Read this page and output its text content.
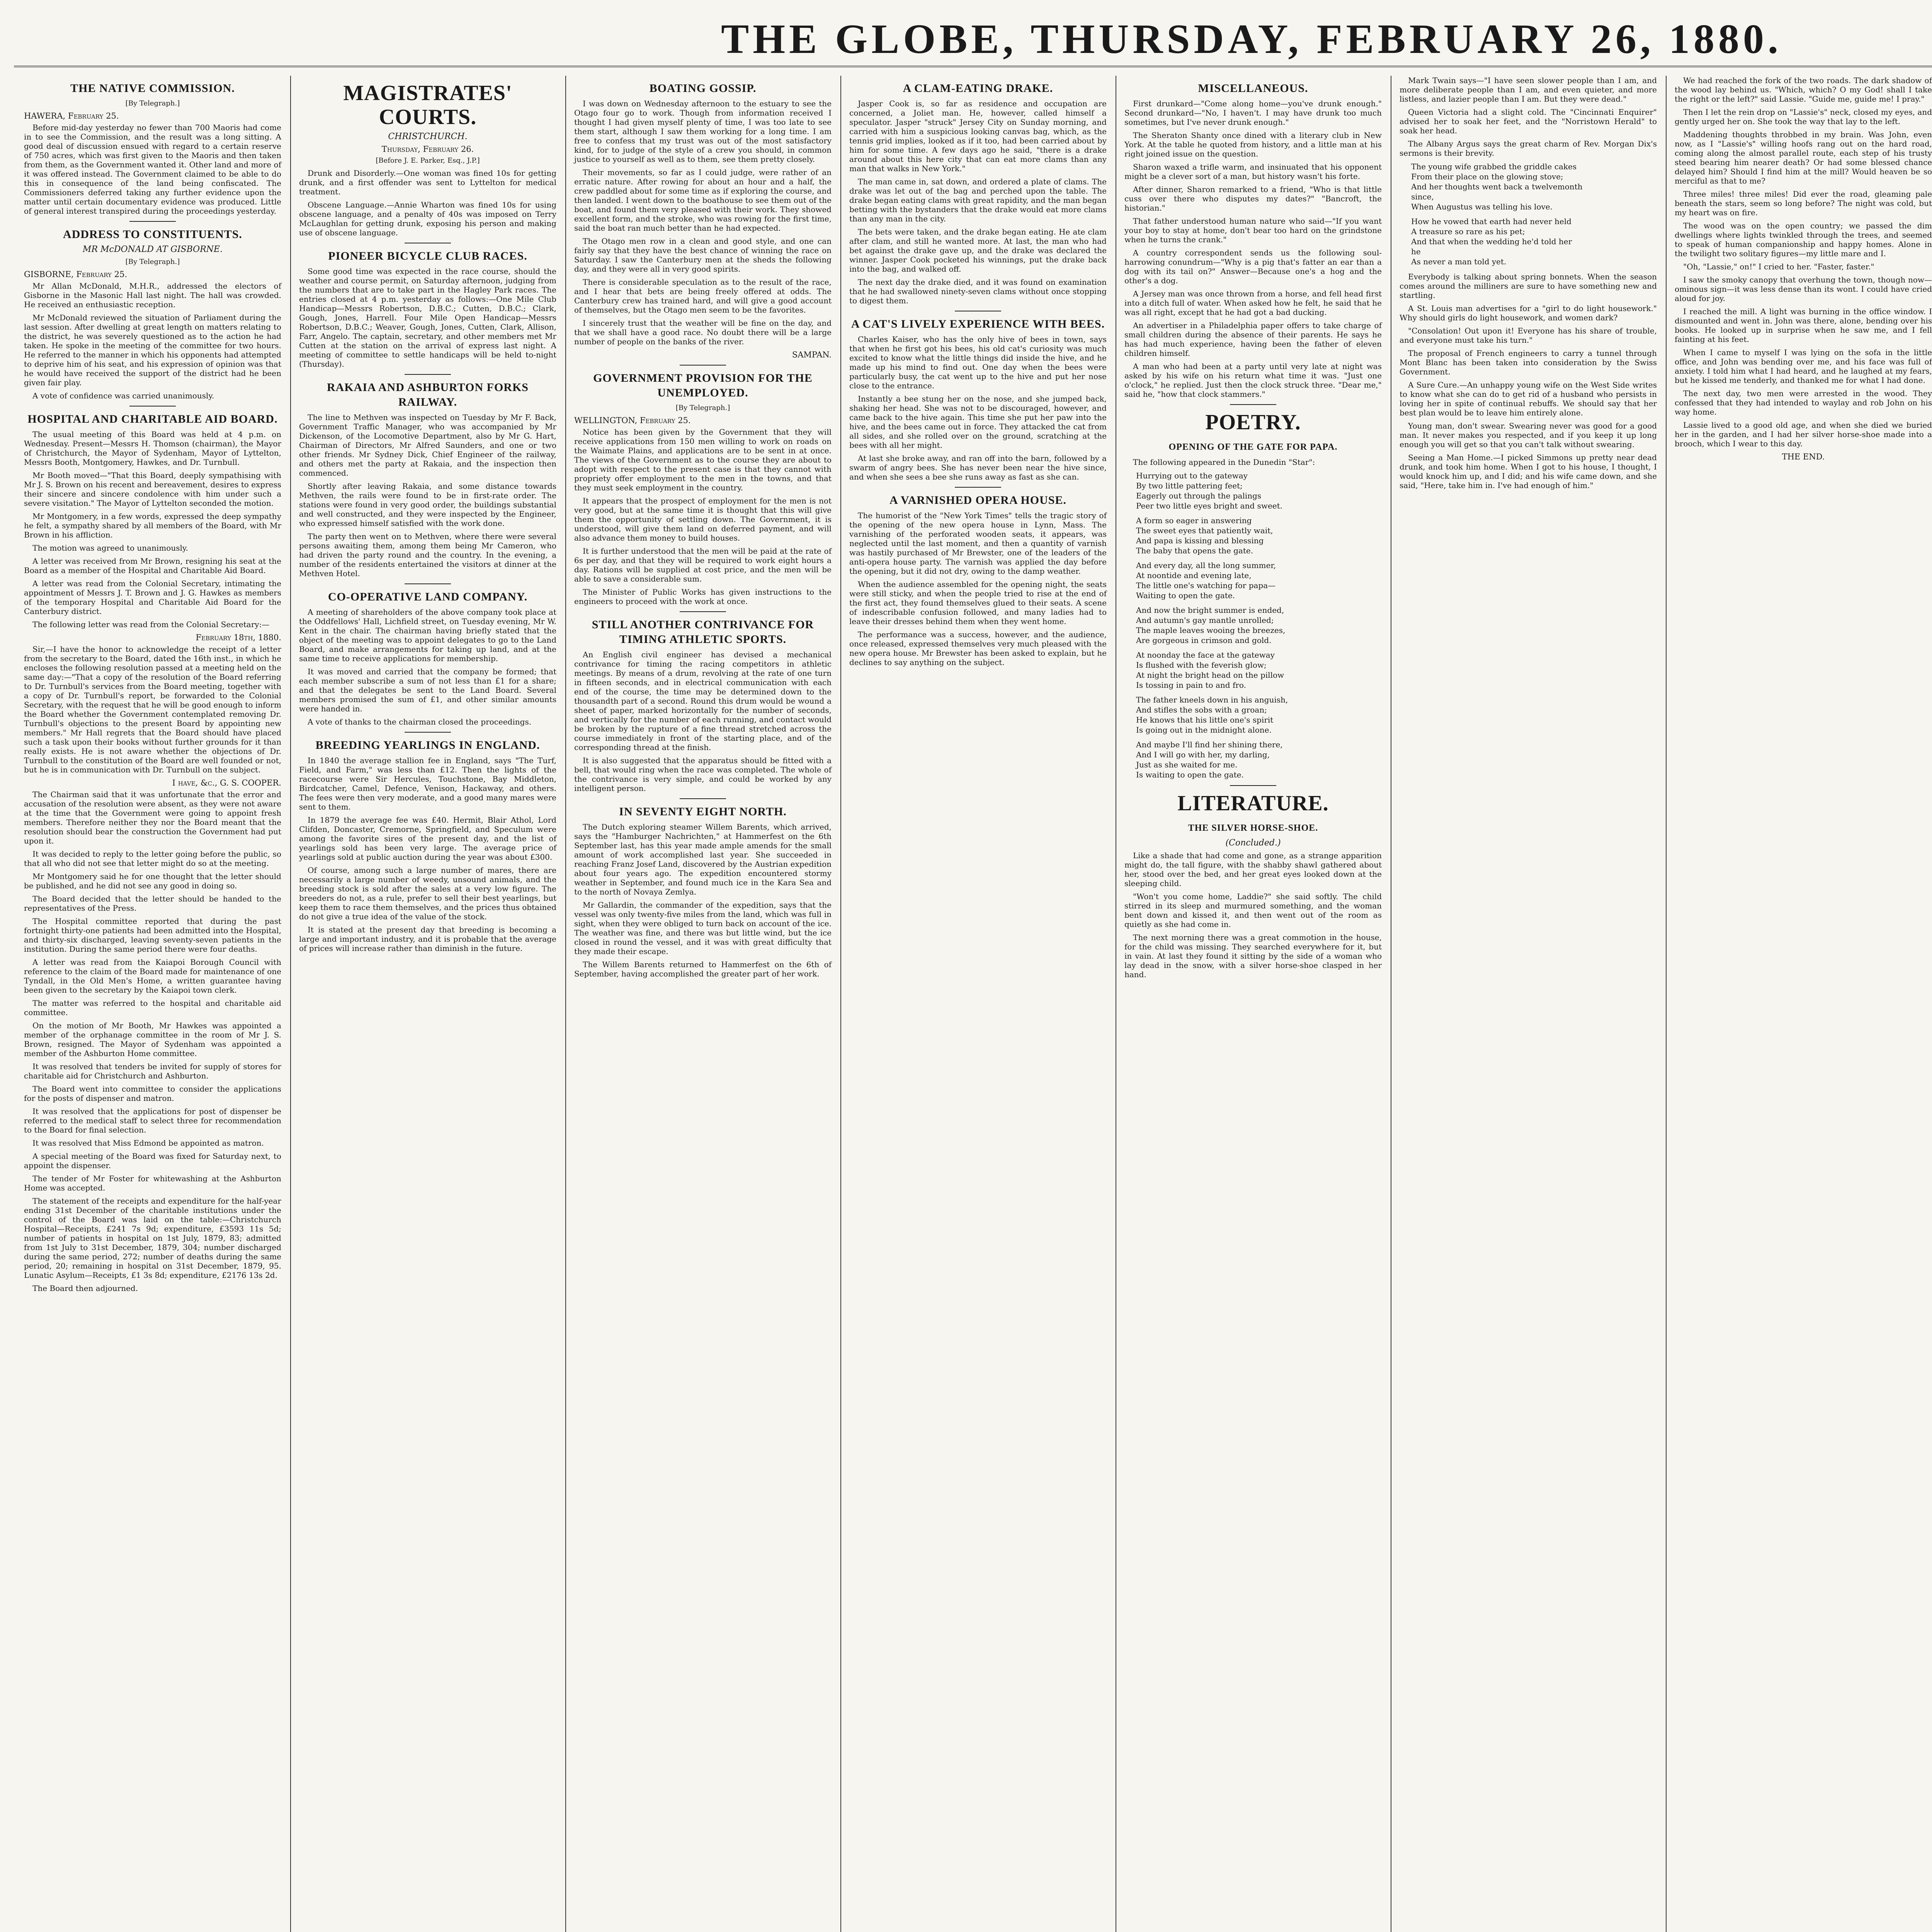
THE GLOBE, THURSDAY, FEBRUARY 26, 1880.
THE NATIVE COMMISSION.
[By Telegraph.]
HAWERA, February 25.

Before mid-day yesterday no fewer than 700 Maoris had come in to see the Commission, and the result was a long sitting. A good deal of discussion ensued with regard to a certain reserve of 750 acres, which was first given to the Maoris and then taken from them, as the Government wanted it. Other land and more of it was offered instead. The Government claimed to be able to do this in consequence of the land being confiscated. The Commissioners deferred taking any further evidence upon the matter until certain documentary evidence was produced. Little of general interest transpired during the proceedings yesterday.

ADDRESS TO CONSTITUENTS.
MR McDONALD AT GISBORNE.
[By Telegraph.]
GISBORNE, February 25.

Mr Allan McDonald, M.H.R., addressed the electors of Gisborne in the Masonic Hall last night. The hall was crowded. He received an enthusiastic reception.

Mr McDonald reviewed the situation of Parliament during the last session. After dwelling at great length on matters relating to the district, he was severely questioned as to the action he had taken. He spoke in the meeting of the committee for two hours. He referred to the manner in which his opponents had attempted to deprive him of his seat, and his expression of opinion was that he would have received the support of the district had he been given fair play.

A vote of confidence was carried unanimously.

HOSPITAL AND CHARITABLE AID BOARD.

The usual meeting of this Board was held at 4 p.m. on Wednesday. Present—Messrs H. Thomson (chairman), the Mayor of Christchurch, the Mayor of Sydenham, Mayor of Lyttelton, Messrs Booth, Montgomery, Hawkes, and Dr. Turnbull.

Mr Booth moved—"That this Board, deeply sympathising with Mr J. S. Brown on his recent and bereavement, desires to express their sincere and sincere condolence with him under such a severe visitation." The Mayor of Lyttelton seconded the motion.

Mr Montgomery, in a few words, expressed the deep sympathy he felt, a sympathy shared by all members of the Board, with Mr Brown in his affliction.

The motion was agreed to unanimously.

A letter was received from Mr Brown, resigning his seat at the Board as a member of the Hospital and Charitable Aid Board.

A letter was read from the Colonial Secretary, intimating the appointment of Messrs J. T. Brown and J. G. Hawkes as members of the temporary Hospital and Charitable Aid Board for the Canterbury district.

The following letter was read from the Colonial Secretary:—

February 18th, 1880.

Sir,—I have the honor to acknowledge the receipt of a letter from the secretary to the Board, dated the 16th inst., in which he encloses the following resolution passed at a meeting held on the same day:—"That a copy of the resolution of the Board referring to Dr. Turnbull's services from the Board meeting, together with a copy of Dr. Turnbull's report, be forwarded to the Colonial Secretary, with the request that he will be good enough to inform the Board whether the Government contemplated removing Dr. Turnbull's objections to the present Board by appointing new members." Mr Hall regrets that the Board should have placed such a task upon their books without further grounds for it than really exists. He is not aware whether the objections of Dr. Turnbull to the constitution of the Board are well founded or not, but he is in communication with Dr. Turnbull on the subject.

I have, &c., G. S. COOPER.

The Chairman said that it was unfortunate that the error and accusation of the resolution were absent, as they were not aware at the time that the Government were going to appoint fresh members. Therefore neither they nor the Board meant that the resolution should bear the construction the Government had put upon it.

It was decided to reply to the letter going before the public, so that all who did not see that letter might do so at the meeting.

Mr Montgomery said he for one thought that the letter should be published, and he did not see any good in doing so.

The Board decided that the letter should be handed to the representatives of the Press.

The Hospital committee reported that during the past fortnight thirty-one patients had been admitted into the Hospital, and thirty-six discharged, leaving seventy-seven patients in the institution. During the same period there were four deaths.

A letter was read from the Kaiapoi Borough Council with reference to the claim of the Board made for maintenance of one Tyndall, in the Old Men's Home, a written guarantee having been given to the secretary by the Kaiapoi town clerk.

The matter was referred to the hospital and charitable aid committee.

On the motion of Mr Booth, Mr Hawkes was appointed a member of the orphanage committee in the room of Mr J. S. Brown, resigned. The Mayor of Sydenham was appointed a member of the Ashburton Home committee.

It was resolved that tenders be invited for supply of stores for charitable aid for Christchurch and Ashburton.

The Board went into committee to consider the applications for the posts of dispenser and matron.

It was resolved that the applications for post of dispenser be referred to the medical staff to select three for recommendation to the Board for final selection.

It was resolved that Miss Edmond be appointed as matron.

A special meeting of the Board was fixed for Saturday next, to appoint the dispenser.

The tender of Mr Foster for whitewashing at the Ashburton Home was accepted.

The statement of the receipts and expenditure for the half-year ending 31st December of the charitable institutions under the control of the Board was laid on the table:—Christchurch Hospital—Receipts, £241 7s 9d; expenditure, £3593 11s 5d; number of patients in hospital on 1st July, 1879, 83; admitted from 1st July to 31st December, 1879, 304; number discharged during the same period, 272; number of deaths during the same period, 20; remaining in hospital on 31st December, 1879, 95. Lunatic Asylum—Receipts, £1 3s 8d; expenditure, £2176 13s 2d.

The Board then adjourned.

MAGISTRATES' COURTS.
CHRISTCHURCH.
Thursday, February 26.
[Before J. E. Parker, Esq., J.P.]

Drunk and Disorderly.—One woman was fined 10s for getting drunk, and a first offender was sent to Lyttelton for medical treatment.

Obscene Language.—Annie Wharton was fined 10s for using obscene language, and a penalty of 40s was imposed on Terry McLaughlan for getting drunk, exposing his person and making use of obscene language.

PIONEER BICYCLE CLUB RACES.

Some good time was expected in the race course, should the weather and course permit, on Saturday afternoon, judging from the numbers that are to take part in the Hagley Park races. The entries closed at 4 p.m. yesterday as follows:—One Mile Club Handicap—Messrs Robertson, D.B.C.; Cutten, D.B.C.; Clark, Gough, Jones, Harrell. Four Mile Open Handicap—Messrs Robertson, D.B.C.; Weaver, Gough, Jones, Cutten, Clark, Allison, Farr, Angelo. The captain, secretary, and other members met Mr Cutten at the station on the arrival of express last night. A meeting of committee to settle handicaps will be held to-night (Thursday).

RAKAIA AND ASHBURTON FORKS RAILWAY.

The line to Methven was inspected on Tuesday by Mr F. Back, Government Traffic Manager, who was accompanied by Mr Dickenson, of the Locomotive Department, also by Mr G. Hart, Chairman of Directors, Mr Alfred Saunders, and one or two other friends. Mr Sydney Dick, Chief Engineer of the railway, and others met the party at Rakaia, and the inspection then commenced.

Shortly after leaving Rakaia, and some distance towards Methven, the rails were found to be in first-rate order. The stations were found in very good order, the buildings substantial and well constructed, and they were inspected by the Engineer, who expressed himself satisfied with the work done.

The party then went on to Methven, where there were several persons awaiting them, among them being Mr Cameron, who had driven the party round and the country. In the evening, a number of the residents entertained the visitors at dinner at the Methven Hotel.

CO-OPERATIVE LAND COMPANY.

A meeting of shareholders of the above company took place at the Oddfellows' Hall, Lichfield street, on Tuesday evening, Mr W. Kent in the chair. The chairman having briefly stated that the object of the meeting was to appoint delegates to go to the Land Board, and make arrangements for taking up land, and at the same time to receive applications for membership.

It was moved and carried that the company be formed; that each member subscribe a sum of not less than £1 for a share; and that the delegates be sent to the Land Board. Several members promised the sum of £1, and other similar amounts were handed in.

A vote of thanks to the chairman closed the proceedings.

BREEDING YEARLINGS IN ENGLAND.

In 1840 the average stallion fee in England, says "The Turf, Field, and Farm," was less than £12. Then the lights of the racecourse were Sir Hercules, Touchstone, Bay Middleton, Birdcatcher, Camel, Defence, Venison, Hackaway, and others. The fees were then very moderate, and a good many mares were sent to them.

In 1879 the average fee was £40. Hermit, Blair Athol, Lord Clifden, Doncaster, Cremorne, Springfield, and Speculum were among the favorite sires of the present day, and the list of yearlings sold has been very large. The average price of yearlings sold at public auction during the year was about £300.

Of course, among such a large number of mares, there are necessarily a large number of weedy, unsound animals, and the breeding stock is sold after the sales at a very low figure. The breeders do not, as a rule, prefer to sell their best yearlings, but keep them to race them themselves, and the prices thus obtained do not give a true idea of the value of the stock.

It is stated at the present day that breeding is becoming a large and important industry, and it is probable that the average of prices will increase rather than diminish in the future.

BOATING GOSSIP.

I was down on Wednesday afternoon to the estuary to see the Otago four go to work. Though from information received I thought I had given myself plenty of time, I was too late to see them start, although I saw them working for a long time. I am free to confess that my trust was out of the most satisfactory kind, for to judge of the style of a crew you should, in common justice to yourself as well as to them, see them pretty closely.

Their movements, so far as I could judge, were rather of an erratic nature. After rowing for about an hour and a half, the crew paddled about for some time as if exploring the course, and then landed. I went down to the boathouse to see them out of the boat, and found them very pleased with their work. They showed excellent form, and the stroke, who was rowing for the first time, said the boat ran much better than he had expected.

The Otago men row in a clean and good style, and one can fairly say that they have the best chance of winning the race on Saturday. I saw the Canterbury men at the sheds the following day, and they were all in very good spirits.

There is considerable speculation as to the result of the race, and I hear that bets are being freely offered at odds. The Canterbury crew has trained hard, and will give a good account of themselves, but the Otago men seem to be the favorites.

I sincerely trust that the weather will be fine on the day, and that we shall have a good race. No doubt there will be a large number of people on the banks of the river.

SAMPAN.
GOVERNMENT PROVISION FOR THE UNEMPLOYED.
[By Telegraph.]
WELLINGTON, February 25.

Notice has been given by the Government that they will receive applications from 150 men willing to work on roads on the Waimate Plains, and applications are to be sent in at once. The views of the Government as to the course they are about to adopt with respect to the present case is that they cannot with propriety offer employment to the men in the towns, and that they must seek employment in the country.

It appears that the prospect of employment for the men is not very good, but at the same time it is thought that this will give them the opportunity of settling down. The Government, it is understood, will give them land on deferred payment, and will also advance them money to build houses.

It is further understood that the men will be paid at the rate of 6s per day, and that they will be required to work eight hours a day. Rations will be supplied at cost price, and the men will be able to save a considerable sum.

The Minister of Public Works has given instructions to the engineers to proceed with the work at once.

STILL ANOTHER CONTRIVANCE FOR TIMING ATHLETIC SPORTS.

An English civil engineer has devised a mechanical contrivance for timing the racing competitors in athletic meetings. By means of a drum, revolving at the rate of one turn in fifteen seconds, and in electrical communication with each end of the course, the time may be determined down to the thousandth part of a second. Round this drum would be wound a sheet of paper, marked horizontally for the number of seconds, and vertically for the number of each running, and contact would be broken by the rupture of a fine thread stretched across the course immediately in front of the starting place, and of the corresponding thread at the finish.

It is also suggested that the apparatus should be fitted with a bell, that would ring when the race was completed. The whole of the contrivance is very simple, and could be worked by any intelligent person.

IN SEVENTY EIGHT NORTH.

The Dutch exploring steamer Willem Barents, which arrived, says the "Hamburger Nachrichten," at Hammerfest on the 6th September last, has this year made ample amends for the small amount of work accomplished last year. She succeeded in reaching Franz Josef Land, discovered by the Austrian expedition about four years ago. The expedition encountered stormy weather in September, and found much ice in the Kara Sea and to the north of Novaya Zemlya.

Mr Gallardin, the commander of the expedition, says that the vessel was only twenty-five miles from the land, which was full in sight, when they were obliged to turn back on account of the ice. The weather was fine, and there was but little wind, but the ice closed in round the vessel, and it was with great difficulty that they made their escape.

The Willem Barents returned to Hammerfest on the 6th of September, having accomplished the greater part of her work.

A CLAM-EATING DRAKE.

Jasper Cook is, so far as residence and occupation are concerned, a Joliet man. He, however, called himself a speculator. Jasper "struck" Jersey City on Sunday morning, and carried with him a suspicious looking canvas bag, which, as the tennis grid implies, looked as if it too, had been carried about by him for some time. A few days ago he said, "there is a drake around about this here city that can eat more clams than any man that walks in New York."

The man came in, sat down, and ordered a plate of clams. The drake was let out of the bag and perched upon the table. The drake began eating clams with great rapidity, and the man began betting with the bystanders that the drake would eat more clams than any man in the city.

The bets were taken, and the drake began eating. He ate clam after clam, and still he wanted more. At last, the man who had bet against the drake gave up, and the drake was declared the winner. Jasper Cook pocketed his winnings, put the drake back into the bag, and walked off.

The next day the drake died, and it was found on examination that he had swallowed ninety-seven clams without once stopping to digest them.

A CAT'S LIVELY EXPERIENCE WITH BEES.

Charles Kaiser, who has the only hive of bees in town, says that when he first got his bees, his old cat's curiosity was much excited to know what the little things did inside the hive, and he made up his mind to find out. One day when the bees were particularly busy, the cat went up to the hive and put her nose close to the entrance.

Instantly a bee stung her on the nose, and she jumped back, shaking her head. She was not to be discouraged, however, and came back to the hive again. This time she put her paw into the hive, and the bees came out in force. They attacked the cat from all sides, and she rolled over on the ground, scratching at the bees with all her might.

At last she broke away, and ran off into the barn, followed by a swarm of angry bees. She has never been near the hive since, and when she sees a bee she runs away as fast as she can.

A VARNISHED OPERA HOUSE.

The humorist of the "New York Times" tells the tragic story of the opening of the new opera house in Lynn, Mass. The varnishing of the perforated wooden seats, it appears, was neglected until the last moment, and then a quantity of varnish was hastily purchased of Mr Brewster, one of the leaders of the anti-opera house party. The varnish was applied the day before the opening, but it did not dry, owing to the damp weather.

When the audience assembled for the opening night, the seats were still sticky, and when the people tried to rise at the end of the first act, they found themselves glued to their seats. A scene of indescribable confusion followed, and many ladies had to leave their dresses behind them when they went home.

The performance was a success, however, and the audience, once released, expressed themselves very much pleased with the new opera house. Mr Brewster has been asked to explain, but he declines to say anything on the subject.

MISCELLANEOUS.

First drunkard—"Come along home—you've drunk enough." Second drunkard—"No, I haven't. I may have drunk too much sometimes, but I've never drunk enough."

The Sheraton Shanty once dined with a literary club in New York. At the table he quoted from history, and a little man at his right joined issue on the question.

Sharon waxed a trifle warm, and insinuated that his opponent might be a clever sort of a man, but history wasn't his forte.

After dinner, Sharon remarked to a friend, "Who is that little cuss over there who disputes my dates?" "Bancroft, the historian."

That father understood human nature who said—"If you want your boy to stay at home, don't bear too hard on the grindstone when he turns the crank."

A country correspondent sends us the following soul-harrowing conundrum—"Why is a pig that's fatter an ear than a dog with its tail on?" Answer—Because one's a hog and the other's a dog.

A Jersey man was once thrown from a horse, and fell head first into a ditch full of water. When asked how he felt, he said that he was all right, except that he had got a bad ducking.

An advertiser in a Philadelphia paper offers to take charge of small children during the absence of their parents. He says he has had much experience, having been the father of eleven children himself.

A man who had been at a party until very late at night was asked by his wife on his return what time it was. "Just one o'clock," he replied. Just then the clock struck three. "Dear me," said he, "how that clock stammers."

POETRY.
OPENING OF THE GATE FOR PAPA.

The following appeared in the Dunedin "Star":

Hurrying out to the gateway
By two little pattering feet;
Eagerly out through the palings
Peer two little eyes bright and sweet.
A form so eager in answering
The sweet eyes that patiently wait,
And papa is kissing and blessing
The baby that opens the gate.
And every day, all the long summer,
At noontide and evening late,
The little one's watching for papa—
Waiting to open the gate.
And now the bright summer is ended,
And autumn's gay mantle unrolled;
The maple leaves wooing the breezes,
Are gorgeous in crimson and gold.
At noonday the face at the gateway
Is flushed with the feverish glow;
At night the bright head on the pillow
Is tossing in pain to and fro.
The father kneels down in his anguish,
And stifles the sobs with a groan;
He knows that his little one's spirit
Is going out in the midnight alone.
And maybe I'll find her shining there,
And I will go with her, my darling,
Just as she waited for me.
Is waiting to open the gate.
LITERATURE.
THE SILVER HORSE-SHOE.
(Concluded.)

Like a shade that had come and gone, as a strange apparition might do, the tall figure, with the shabby shawl gathered about her, stood over the bed, and her great eyes looked down at the sleeping child.

"Won't you come home, Laddie?" she said softly. The child stirred in its sleep and murmured something, and the woman bent down and kissed it, and then went out of the room as quietly as she had come in.

The next morning there was a great commotion in the house, for the child was missing. They searched everywhere for it, but in vain. At last they found it sitting by the side of a woman who lay dead in the snow, with a silver horse-shoe clasped in her hand.

Mark Twain says—"I have seen slower people than I am, and more deliberate people than I am, and even quieter, and more listless, and lazier people than I am. But they were dead."

Queen Victoria had a slight cold. The "Cincinnati Enquirer" advised her to soak her feet, and the "Norristown Herald" to soak her head.

The Albany Argus says the great charm of Rev. Morgan Dix's sermons is their brevity.

The young wife grabbed the griddle cakes
From their place on the glowing stove;
And her thoughts went back a twelvemonth
since,
When Augustus was telling his love.
How he vowed that earth had never held
A treasure so rare as his pet;
And that when the wedding he'd told her
he
As never a man told yet.

Everybody is talking about spring bonnets. When the season comes around the milliners are sure to have something new and startling.

A St. Louis man advertises for a "girl to do light housework." Why should girls do light housework, and women dark?

"Consolation! Out upon it! Everyone has his share of trouble, and everyone must take his turn."

The proposal of French engineers to carry a tunnel through Mont Blanc has been taken into consideration by the Swiss Government.

A Sure Cure.—An unhappy young wife on the West Side writes to know what she can do to get rid of a husband who persists in loving her in spite of continual rebuffs. We should say that her best plan would be to leave him entirely alone.

Young man, don't swear. Swearing never was good for a good man. It never makes you respected, and if you keep it up long enough you will get so that you can't talk without swearing.

Seeing a Man Home.—I picked Simmons up pretty near dead drunk, and took him home. When I got to his house, I thought, I would knock him up, and I did; and his wife came down, and she said, "Here, take him in. I've had enough of him."

We had reached the fork of the two roads. The dark shadow of the wood lay behind us. "Which, which? O my God! shall I take the right or the left?" said Lassie. "Guide me, guide me! I pray."

Then I let the rein drop on "Lassie's" neck, closed my eyes, and gently urged her on. She took the way that lay to the left.

Maddening thoughts throbbed in my brain. Was John, even now, as I "Lassie's" willing hoofs rang out on the hard road, coming along the almost parallel route, each step of his trusty steed bearing him nearer death? Or had some blessed chance delayed him? Should I find him at the mill? Would heaven be so merciful as that to me?

Three miles! three miles! Did ever the road, gleaming pale beneath the stars, seem so long before? The night was cold, but my heart was on fire.

The wood was on the open country; we passed the dim dwellings where lights twinkled through the trees, and seemed to speak of human companionship and happy homes. Alone in the twilight two solitary figures—my little mare and I.

"Oh, "Lassie," on!" I cried to her. "Faster, faster."

I saw the smoky canopy that overhung the town, though now—ominous sign—it was less dense than its wont. I could have cried aloud for joy.

I reached the mill. A light was burning in the office window. I dismounted and went in. John was there, alone, bending over his books. He looked up in surprise when he saw me, and I fell fainting at his feet.

When I came to myself I was lying on the sofa in the little office, and John was bending over me, and his face was full of anxiety. I told him what I had heard, and he laughed at my fears, but he kissed me tenderly, and thanked me for what I had done.

The next day, two men were arrested in the wood. They confessed that they had intended to waylay and rob John on his way home.

Lassie lived to a good old age, and when she died we buried her in the garden, and I had her silver horse-shoe made into a brooch, which I wear to this day.

THE END.
